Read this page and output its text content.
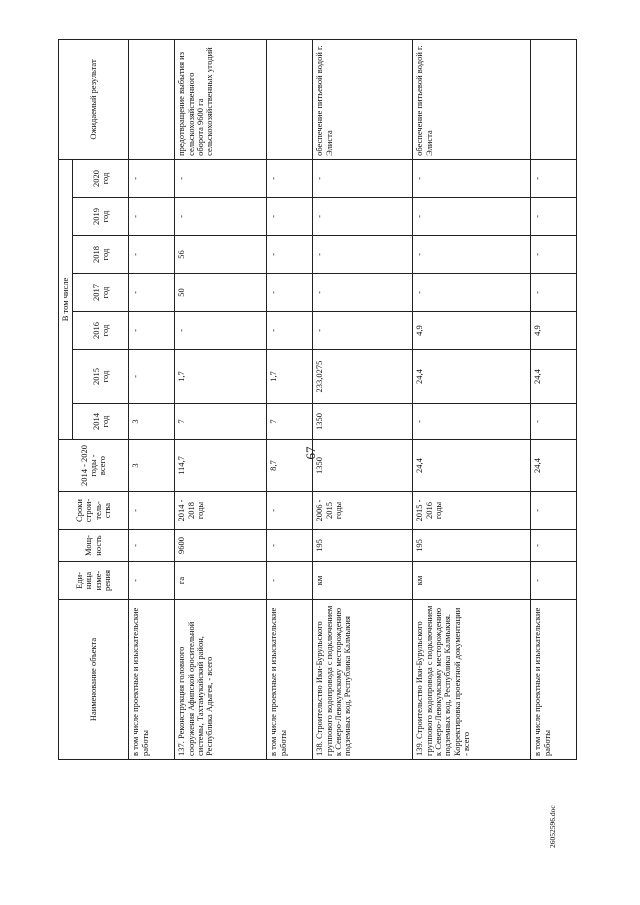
67
Наименование объекта	Еди-
ница
изме-
рения	Мощ-
ность	Сроки
строи-
тель-
ства	2014 - 2020
годы -
всего	В том числе							Ожидаемый результат
					2014
год	2015
год	2016
год	2017
год	2018
год	2019
год	2020
год	
в том числе проектные и изыскательские работы	-	-	-	3	3	-	-	-	-	-	-	
137. Реконструкция головного сооружения Афипской оросительной системы, Тахтамукайский район, Республика Адыгея, - всего	га	9600	2014 - 2018 годы	114,7	7	1,7	-	50	56	-	-	предотвращение выбытия из сельскохозяйственного оборота 9600 га сельскохозяйственных угодий
в том числе проектные и изыскательские работы	-	-	-	8,7	7	1,7	-	-	-	-	-	
138. Строительство Ики-Бурульского группового водопровода с подключением к Северо-Левокумскому месторождению подземных вод, Республика Калмыкия	км	195	2006 - 2015 годы	1350	1350	233,0275	-	-	-	-	-	обеспечение питьевой водой г. Элиста
139. Строительство Ики-Бурульского группового водопровода с подключением к Северо-Левокумскому месторождению подземных вод, Республика Калмыкия. Корректировка проектной документации - всего	км	195	2015 - 2016 годы	24,4	-	24,4	4,9	-	-	-	-	обеспечение питьевой водой г. Элиста
в том числе проектные и изыскательские работы	-	-	-	24,4	-	24,4	4,9	-	-	-	-	
26052596.doc
